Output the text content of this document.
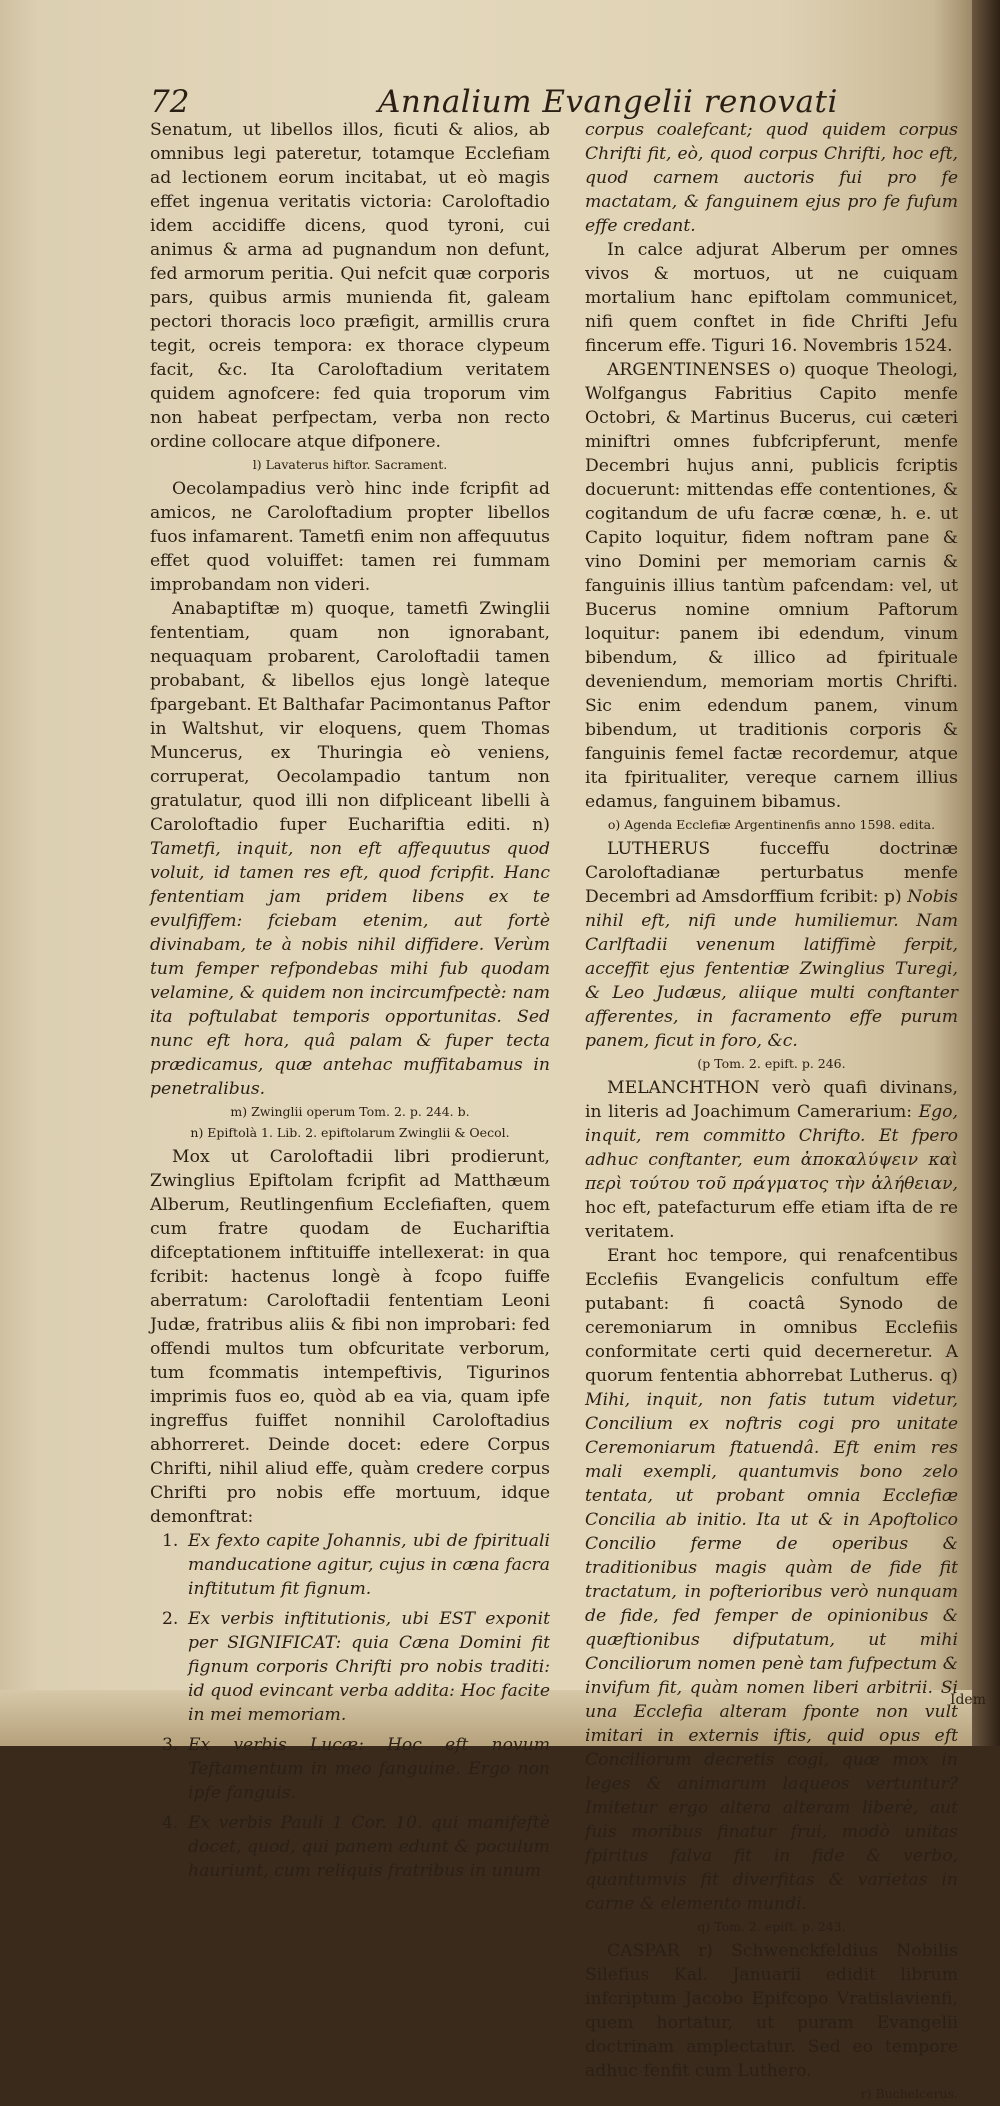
72	Annalium Evangelii renovati

Senatum, ut libellos illos, ficuti & alios, ab omnibus legi pateretur, totamque Ecclefiam ad lectionem eorum incitabat, ut eò magis effet ingenua veritatis victoria: Caroloftadio idem accidiffe dicens, quod tyroni, cui animus & arma ad pugnandum non defunt, fed armorum peritia. Qui nefcit quæ corporis pars, quibus armis munienda fit, galeam pectori thoracis loco præfigit, armillis crura tegit, ocreis tempora: ex thorace clypeum facit, &c. Ita Caroloftadium veritatem quidem agnofcere: fed quia troporum vim non habeat perfpectam, verba non recto ordine collocare atque difponere.

l) Lavaterus hiftor. Sacrament.

Oecolampadius verò hinc inde fcripfit ad amicos, ne Caroloftadium propter libellos fuos infamarent. Tametfi enim non affequutus effet quod voluiffet: tamen rei fummam improbandam non videri.

Anabaptiftæ m) quoque, tametfi Zwinglii fententiam, quam non ignorabant, nequaquam probarent, Caroloftadii tamen probabant, & libellos ejus longè lateque fpargebant. Et Balthafar Pacimontanus Paftor in Waltshut, vir eloquens, quem Thomas Muncerus, ex Thuringia eò veniens, corruperat, Oecolampadio tantum non gratulatur, quod illi non difpliceant libelli à Caroloftadio fuper Euchariftia editi. n) Tametfi, inquit, non eft affequutus quod voluit, id tamen res eft, quod fcripfit. Hanc fententiam jam pridem libens ex te evulfiffem: fciebam etenim, aut fortè divinabam, te à nobis nihil diffidere. Verùm tum femper refpondebas mihi fub quodam velamine, & quidem non incircumfpectè: nam ita poftulabat temporis opportunitas. Sed nunc eft hora, quâ palam & fuper tecta prædicamus, quæ antehac muffitabamus in penetralibus.

m) Zwinglii operum Tom. 2. p. 244. b.

n) Epiftolà 1. Lib. 2. epiftolarum Zwinglii & Oecol.

Mox ut Caroloftadii libri prodierunt, Zwinglius Epiftolam fcripfit ad Matthæum Alberum, Reutlingenfium Ecclefiaften, quem cum fratre quodam de Euchariftia difceptationem inftituiffe intellexerat: in qua fcribit: hactenus longè à fcopo fuiffe aberratum: Caroloftadii fententiam Leoni Judæ, fratribus aliis & fibi non improbari: fed offendi multos tum obfcuritate verborum, tum fcommatis intempeftivis, Tigurinos imprimis fuos eo, quòd ab ea via, quam ipfe ingreffus fuiffet nonnihil Caroloftadius abhorreret. Deinde docet: edere Corpus Chrifti, nihil aliud effe, quàm credere corpus Chrifti pro nobis effe mortuum, idque demonftrat:

1. Ex fexto capite Johannis, ubi de fpirituali manducatione agitur, cujus in cæna facra inftitutum fit fignum.
2. Ex verbis inftitutionis, ubi EST exponit per SIGNIFICAT: quia Cæna Domini fit fignum corporis Chrifti pro nobis traditi: id quod evincant verba addita: Hoc facite in mei memoriam.
3. Ex verbis Lucæ: Hoc eft novum Teftamentum in meo fanguine. Ergo non ipfe fanguis.
4. Ex verbis Pauli 1 Cor. 10. qui manifeftè docet, quod, qui panem edunt & poculum hauriunt, cum reliquis fratribus in unum

corpus coalefcant; quod quidem corpus Chrifti fit, eò, quod corpus Chrifti, hoc eft, quod carnem auctoris fui pro fe mactatam, & fanguinem ejus pro fe fufum effe credant.

In calce adjurat Alberum per omnes vivos & mortuos, ut ne cuiquam mortalium hanc epiftolam communicet, nifi quem conftet in fide Chrifti Jefu fincerum effe. Tiguri 16. Novembris 1524.

ARGENTINENSES o) quoque Theologi, Wolfgangus Fabritius Capito menfe Octobri, & Martinus Bucerus, cui cæteri miniftri omnes fubfcripferunt, menfe Decembri hujus anni, publicis fcriptis docuerunt: mittendas effe contentiones, & cogitandum de ufu facræ cœnæ, h. e. ut Capito loquitur, fidem noftram pane & vino Domini per memoriam carnis & fanguinis illius tantùm pafcendam: vel, ut Bucerus nomine omnium Paftorum loquitur: panem ibi edendum, vinum bibendum, & illico ad fpirituale deveniendum, memoriam mortis Chrifti. Sic enim edendum panem, vinum bibendum, ut traditionis corporis & fanguinis femel factæ recordemur, atque ita fpiritualiter, vereque carnem illius edamus, fanguinem bibamus.

o) Agenda Ecclefiæ Argentinenfis anno 1598. edita.

LUTHERUS fucceffu doctrinæ Caroloftadianæ perturbatus menfe Decembri ad Amsdorffium fcribit: p) Nobis nihil eft, nifi unde humiliemur. Nam Carlftadii venenum latiffimè ferpit, acceffit ejus fententiæ Zwinglius Turegi, & Leo Judæus, aliique multi conftanter afferentes, in facramento effe purum panem, ficut in foro, &c.

(p Tom. 2. epift. p. 246.

MELANCHTHON verò quafi divinans, in literis ad Joachimum Camerarium: Ego, inquit, rem committo Chrifto. Et fpero adhuc conftanter, eum ἀποκαλύψειν καὶ περὶ τούτου τοῦ πράγματος τὴν ἀλήθειαν, hoc eft, patefacturum effe etiam ifta de re veritatem.

Erant hoc tempore, qui renafcentibus Ecclefiis Evangelicis confultum effe putabant: fi coactâ Synodo de ceremoniarum in omnibus Ecclefiis conformitate certi quid decerneretur. A quorum fententia abhorrebat Lutherus. q) Mihi, inquit, non fatis tutum videtur, Concilium ex noftris cogi pro unitate Ceremoniarum ftatuendâ. Eft enim res mali exempli, quantumvis bono zelo tentata, ut probant omnia Ecclefiæ Concilia ab initio. Ita ut & in Apoftolico Concilio ferme de operibus & traditionibus magis quàm de fide fit tractatum, in pofterioribus verò nunquam de fide, fed femper de opinionibus & quæftionibus difputatum, ut mihi Conciliorum nomen penè tam fufpectum & invifum fit, quàm nomen liberi arbitrii. Si una Ecclefia alteram fponte non vult imitari in externis iftis, quid opus eft Conciliorum decretis cogi, quæ mox in leges & animarum laqueos vertuntur? Imitetur ergo altera alteram liberè, aut fuis moribus finatur frui, modò unitas fpiritus falva fit in fide & verbo, quantumvis fit diverfitas & varietas in carne & elemento mundi.

q) Tom. 2. epift. p. 243.

CASPAR r) Schwenckfeldius Nobilis Silefius Kal. Januarii edidit librum infcriptum Jacobo Epifcopo Vratislavienfi, quem hortatur, ut puram Evangelii doctrinam amplectatur. Sed eo tempore adhuc fenfit cum Luthero.

r) Buchelcerus.

Idem
